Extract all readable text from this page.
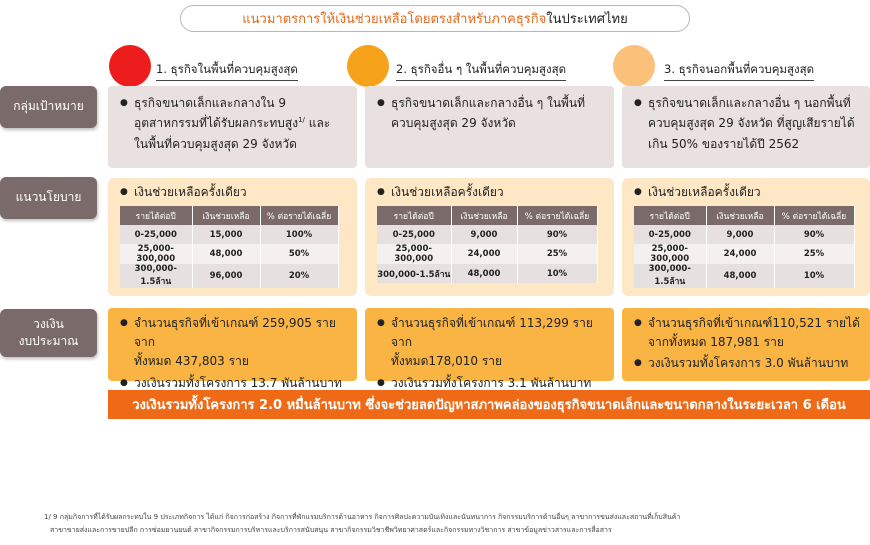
แนวมาตรการให้เงินช่วยเหลือโดยตรงสำหรับภาคธุรกิจ ในประเทศไทย
1. ธุรกิจในพื้นที่ควบคุมสูงสุด	2. ธุรกิจอื่น ๆ ในพื้นที่ควบคุมสูงสุด	3. ธุรกิจนอกพื้นที่ควบคุมสูงสุด
กลุ่มเป้าหมาย
แนวนโยบาย
วงเงิน
งบประมาณ
● ธุรกิจขนาดเล็กและกลางใน 9
อุตสาหกรรมที่ได้รับผลกระทบสูง$^{1/}$ และ
ในพื้นที่ควบคุมสูงสุด 29 จังหวัด
● ธุรกิจขนาดเล็กและกลางอื่น ๆ ในพื้นที่
ควบคุมสูงสุด 29 จังหวัด
● ธุรกิจขนาดเล็กและกลางอื่น ๆ นอกพื้นที่
ควบคุมสูงสุด 29 จังหวัด ที่สูญเสียรายได้
เกิน 50% ของรายได้ปี 2562
● เงินช่วยเหลือครั้งเดียว
รายได้ต่อปี	เงินช่วยเหลือ	% ต่อรายได้เฉลี่ย
0-25,000	15,000	100%
25,000-300,000	48,000	50%
300,000-1.5ล้าน	96,000	20%
● เงินช่วยเหลือครั้งเดียว
รายได้ต่อปี	เงินช่วยเหลือ	% ต่อรายได้เฉลี่ย
0-25,000	9,000	90%
25,000-300,000	24,000	25%
300,000-1.5ล้าน	48,000	10%
● เงินช่วยเหลือครั้งเดียว
รายได้ต่อปี	เงินช่วยเหลือ	% ต่อรายได้เฉลี่ย
0-25,000	9,000	90%
25,000-300,000	24,000	25%
300,000-1.5ล้าน	48,000	10%
● จำนวนธุรกิจที่เข้าเกณฑ์ 259,905 ราย จาก
ทั้งหมด 437,803 ราย
● วงเงินรวมทั้งโครงการ 13.7 พันล้านบาท
● จำนวนธุรกิจที่เข้าเกณฑ์ 113,299 ราย จาก
ทั้งหมด178,010 ราย
● วงเงินรวมทั้งโครงการ 3.1 พันล้านบาท
● จำนวนธุรกิจที่เข้าเกณฑ์110,521 รายได้
จากทั้งหมด 187,981 ราย
● วงเงินรวมทั้งโครงการ 3.0 พันล้านบาท
วงเงินรวมทั้งโครงการ 2.0 หมื่นล้านบาท ซึ่งจะช่วยลดปัญหาสภาพคล่องของธุรกิจขนาดเล็กและขนาดกลางในระยะเวลา 6 เดือน
1/ 9 กลุ่มกิจการที่ได้รับผลกระทบใน 9 ประเภทกิจการ ได้แก่ กิจการก่อสร้าง กิจการที่พักแรมบริการด้านอาหาร กิจการศิลปะความบันเทิงและนันทนาการ กิจกรรมบริการด้านอื่นๆ ลาขาการขนส่งและสถานที่เก็บสินค้า
สาขาขายส่งและการขายปลีก การซ่อมยานยนต์ สาขากิจกรรมการบริหารและบริการสนับสนุน สาขากิจกรรมวิชาชีพวิทยาศาสตร์และกิจกรรมทางวิชาการ สาขาข้อมูลข่าวสารและการสื่อสาร
